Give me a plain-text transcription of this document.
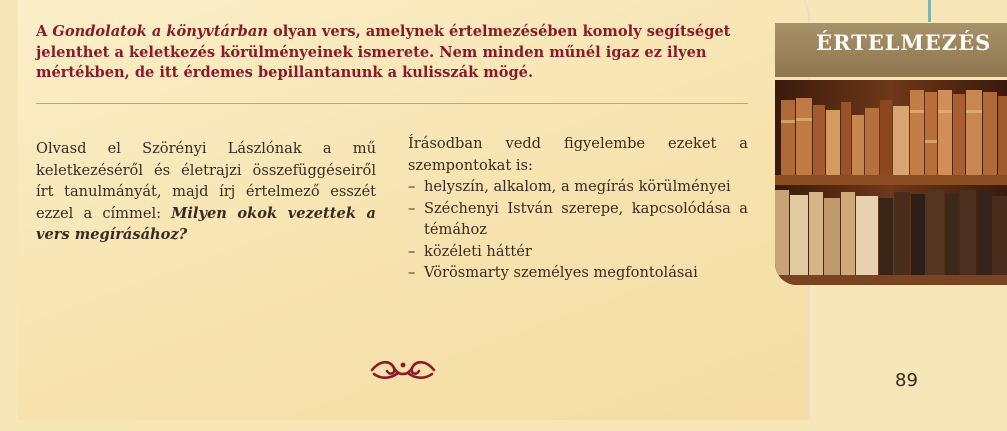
A Gondolatok a könyvtárban olyan vers, amelynek értelmezésében komoly segítséget jelenthet a keletkezés körülményeinek ismerete. Nem minden műnél igaz ez ilyen mértékben, de itt érdemes bepillantanunk a kulisszák mögé.
Olvasd el Szörényi Lászlónak a mű keletkezéséről és életrajzi összefüggéseiről írt tanulmányát, majd írj értelmező esszét ezzel a címmel: Milyen okok vezettek a vers megírásához?
Írásodban vedd figyelembe ezeket a szempontokat is:
– helyszín, alkalom, a megírás körülményei
– Széchenyi István szerepe, kapcsolódása a témához
– közéleti háttér
– Vörösmarty személyes megfontolásai
89
ÉRTELMEZÉS
